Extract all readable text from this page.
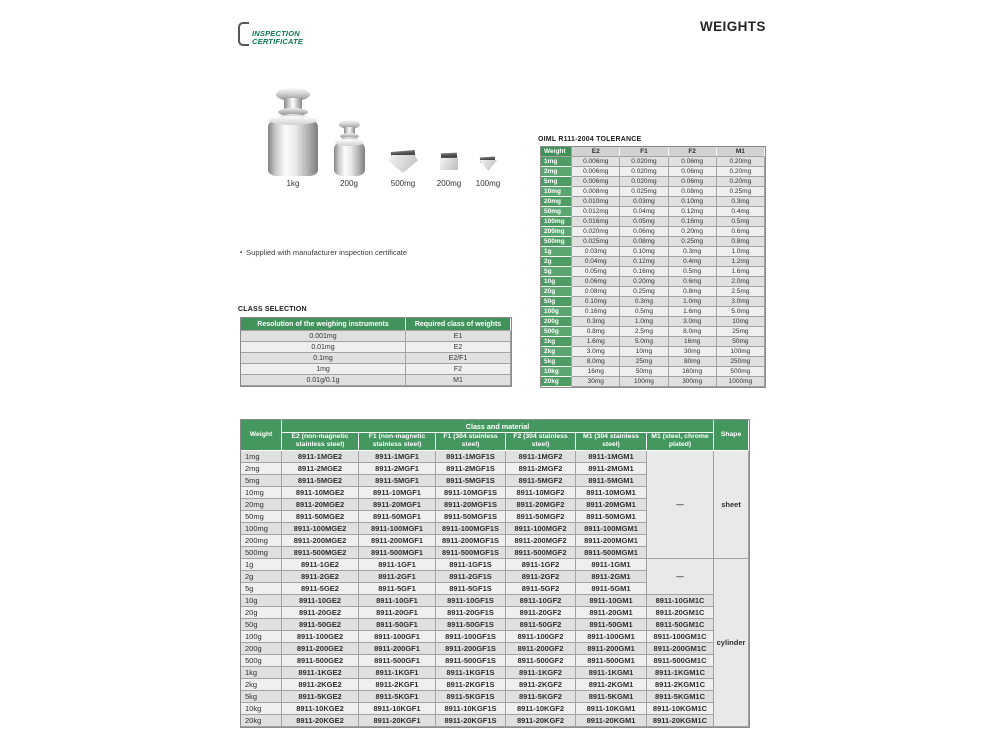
INSPECTION
CERTIFICATE
WEIGHTS
1kg	200g	500mg	200mg	100mg
▪ Supplied with manufacturer inspection certificate
OIML R111-2004 TOLERANCE
Weight	E2	F1	F2	M1
1mg	0.006mg	0.020mg	0.06mg	0.20mg
2mg	0.006mg	0.020mg	0.06mg	0.20mg
5mg	0.006mg	0.020mg	0.06mg	0.20mg
10mg	0.008mg	0.025mg	0.08mg	0.25mg
20mg	0.010mg	0.03mg	0.10mg	0.3mg
50mg	0.012mg	0.04mg	0.12mg	0.4mg
100mg	0.016mg	0.05mg	0.16mg	0.5mg
200mg	0.020mg	0.06mg	0.20mg	0.6mg
500mg	0.025mg	0.08mg	0.25mg	0.8mg
1g	0.03mg	0.10mg	0.3mg	1.0mg
2g	0.04mg	0.12mg	0.4mg	1.2mg
5g	0.05mg	0.16mg	0.5mg	1.6mg
10g	0.06mg	0.20mg	0.6mg	2.0mg
20g	0.08mg	0.25mg	0.8mg	2.5mg
50g	0.10mg	0.3mg	1.0mg	3.0mg
100g	0.16mg	0.5mg	1.6mg	5.0mg
200g	0.3mg	1.0mg	3.0mg	10mg
500g	0.8mg	2.5mg	8.0mg	25mg
1kg	1.6mg	5.0mg	16mg	50mg
2kg	3.0mg	10mg	30mg	100mg
5kg	8.0mg	25mg	80mg	250mg
10kg	16mg	50mg	160mg	500mg
20kg	30mg	100mg	300mg	1000mg
CLASS SELECTION
Resolution of the weighing instruments	Required class of weights
0.001mg	E1
0.01mg	E2
0.1mg	E2/F1
1mg	F2
0.01g/0.1g	M1
Weight	Class and material						Shape
	E2 (non-magnetic stainless steel)	F1 (non-magnetic stainless steel)	F1 (304 stainless steel)	F2 (304 stainless steel)	M1 (304 stainless steel)	M1 (steel, chrome plated)	
1mg	8911-1MGE2	8911-1MGF1	8911-1MGF1S	8911-1MGF2	8911-1MGM1	—	sheet
2mg	8911-2MGE2	8911-2MGF1	8911-2MGF1S	8911-2MGF2	8911-2MGM1		
5mg	8911-5MGE2	8911-5MGF1	8911-5MGF1S	8911-5MGF2	8911-5MGM1		
10mg	8911-10MGE2	8911-10MGF1	8911-10MGF1S	8911-10MGF2	8911-10MGM1		
20mg	8911-20MGE2	8911-20MGF1	8911-20MGF1S	8911-20MGF2	8911-20MGM1		
50mg	8911-50MGE2	8911-50MGF1	8911-50MGF1S	8911-50MGF2	8911-50MGM1		
100mg	8911-100MGE2	8911-100MGF1	8911-100MGF1S	8911-100MGF2	8911-100MGM1		
200mg	8911-200MGE2	8911-200MGF1	8911-200MGF1S	8911-200MGF2	8911-200MGM1		
500mg	8911-500MGE2	8911-500MGF1	8911-500MGF1S	8911-500MGF2	8911-500MGM1		
1g	8911-1GE2	8911-1GF1	8911-1GF1S	8911-1GF2	8911-1GM1	—	cylinder
2g	8911-2GE2	8911-2GF1	8911-2GF1S	8911-2GF2	8911-2GM1		
5g	8911-5GE2	8911-5GF1	8911-5GF1S	8911-5GF2	8911-5GM1		
10g	8911-10GE2	8911-10GF1	8911-10GF1S	8911-10GF2	8911-10GM1	8911-10GM1C	
20g	8911-20GE2	8911-20GF1	8911-20GF1S	8911-20GF2	8911-20GM1	8911-20GM1C	
50g	8911-50GE2	8911-50GF1	8911-50GF1S	8911-50GF2	8911-50GM1	8911-50GM1C	
100g	8911-100GE2	8911-100GF1	8911-100GF1S	8911-100GF2	8911-100GM1	8911-100GM1C	
200g	8911-200GE2	8911-200GF1	8911-200GF1S	8911-200GF2	8911-200GM1	8911-200GM1C	
500g	8911-500GE2	8911-500GF1	8911-500GF1S	8911-500GF2	8911-500GM1	8911-500GM1C	
1kg	8911-1KGE2	8911-1KGF1	8911-1KGF1S	8911-1KGF2	8911-1KGM1	8911-1KGM1C	
2kg	8911-2KGE2	8911-2KGF1	8911-2KGF1S	8911-2KGF2	8911-2KGM1	8911-2KGM1C	
5kg	8911-5KGE2	8911-5KGF1	8911-5KGF1S	8911-5KGF2	8911-5KGM1	8911-5KGM1C	
10kg	8911-10KGE2	8911-10KGF1	8911-10KGF1S	8911-10KGF2	8911-10KGM1	8911-10KGM1C	
20kg	8911-20KGE2	8911-20KGF1	8911-20KGF1S	8911-20KGF2	8911-20KGM1	8911-20KGM1C	
